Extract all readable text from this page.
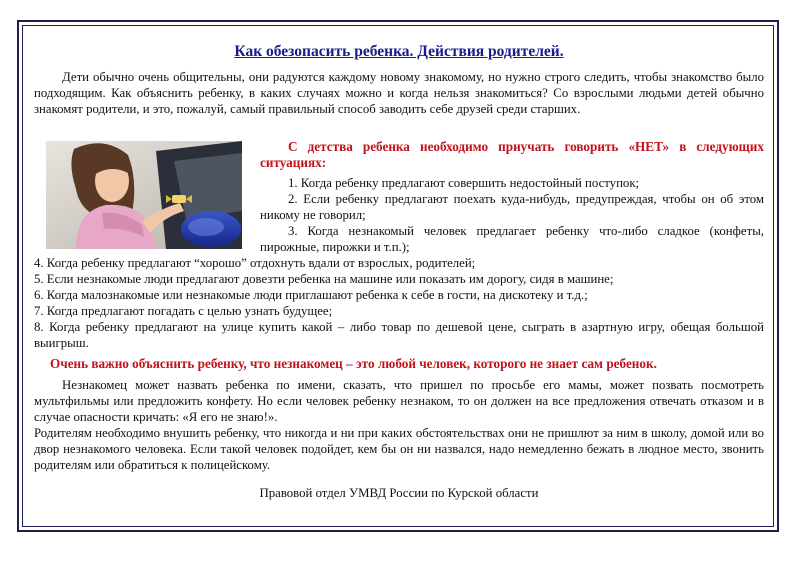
Как обезопасить ребенка. Действия родителей.

Дети обычно очень общительны, они радуются каждому новому знакомому, но нужно строго следить, чтобы знакомство было подходящим. Как объяснить ребенку, в каких случаях можно и когда нельзя знакомиться? Со взрослыми людьми детей обычно знакомят родители, и это, пожалуй, самый правильный способ заводить себе друзей среди старших.

С детства ребенка необходимо приучать говорить «НЕТ» в следующих ситуациях:

1. Когда ребенку предлагают совершить недостойный поступок;

2. Если ребенку предлагают поехать куда-нибудь, предупреждая, чтобы он об этом никому не говорил;

3. Когда незнакомый человек предлагает ребенку что-либо сладкое (конфеты, пирожные, пирожки и т.п.);

4. Когда ребенку предлагают “хорошо” отдохнуть вдали от взрослых, родителей;

5. Если незнакомые люди предлагают довезти ребенка на машине или показать им дорогу, сидя в машине;

6. Когда малознакомые или незнакомые люди приглашают ребенка к себе в гости, на дискотеку и т.д.;

7. Когда предлагают погадать с целью узнать будущее;

8. Когда ребенку предлагают на улице купить какой – либо товар по дешевой цене, сыграть в азартную игру, обещая большой выигрыш.

Очень важно объяснить ребенку, что незнакомец – это любой человек, которого не знает сам ребенок.

Незнакомец может назвать ребенка по имени, сказать, что пришел по просьбе его мамы, может позвать посмотреть мультфильмы или предложить конфету. Но если человек ребенку незнаком, то он должен на все предложения отвечать отказом и в случае опасности кричать: «Я его не знаю!».

Родителям необходимо внушить ребенку, что никогда и ни при каких обстоятельствах они не пришлют за ним в школу, домой или во двор незнакомого человека. Если такой человек подойдет, кем бы он ни назвался, надо немедленно бежать в людное место, звонить родителям или обратиться к полицейскому.

Правовой отдел УМВД России по Курской области
